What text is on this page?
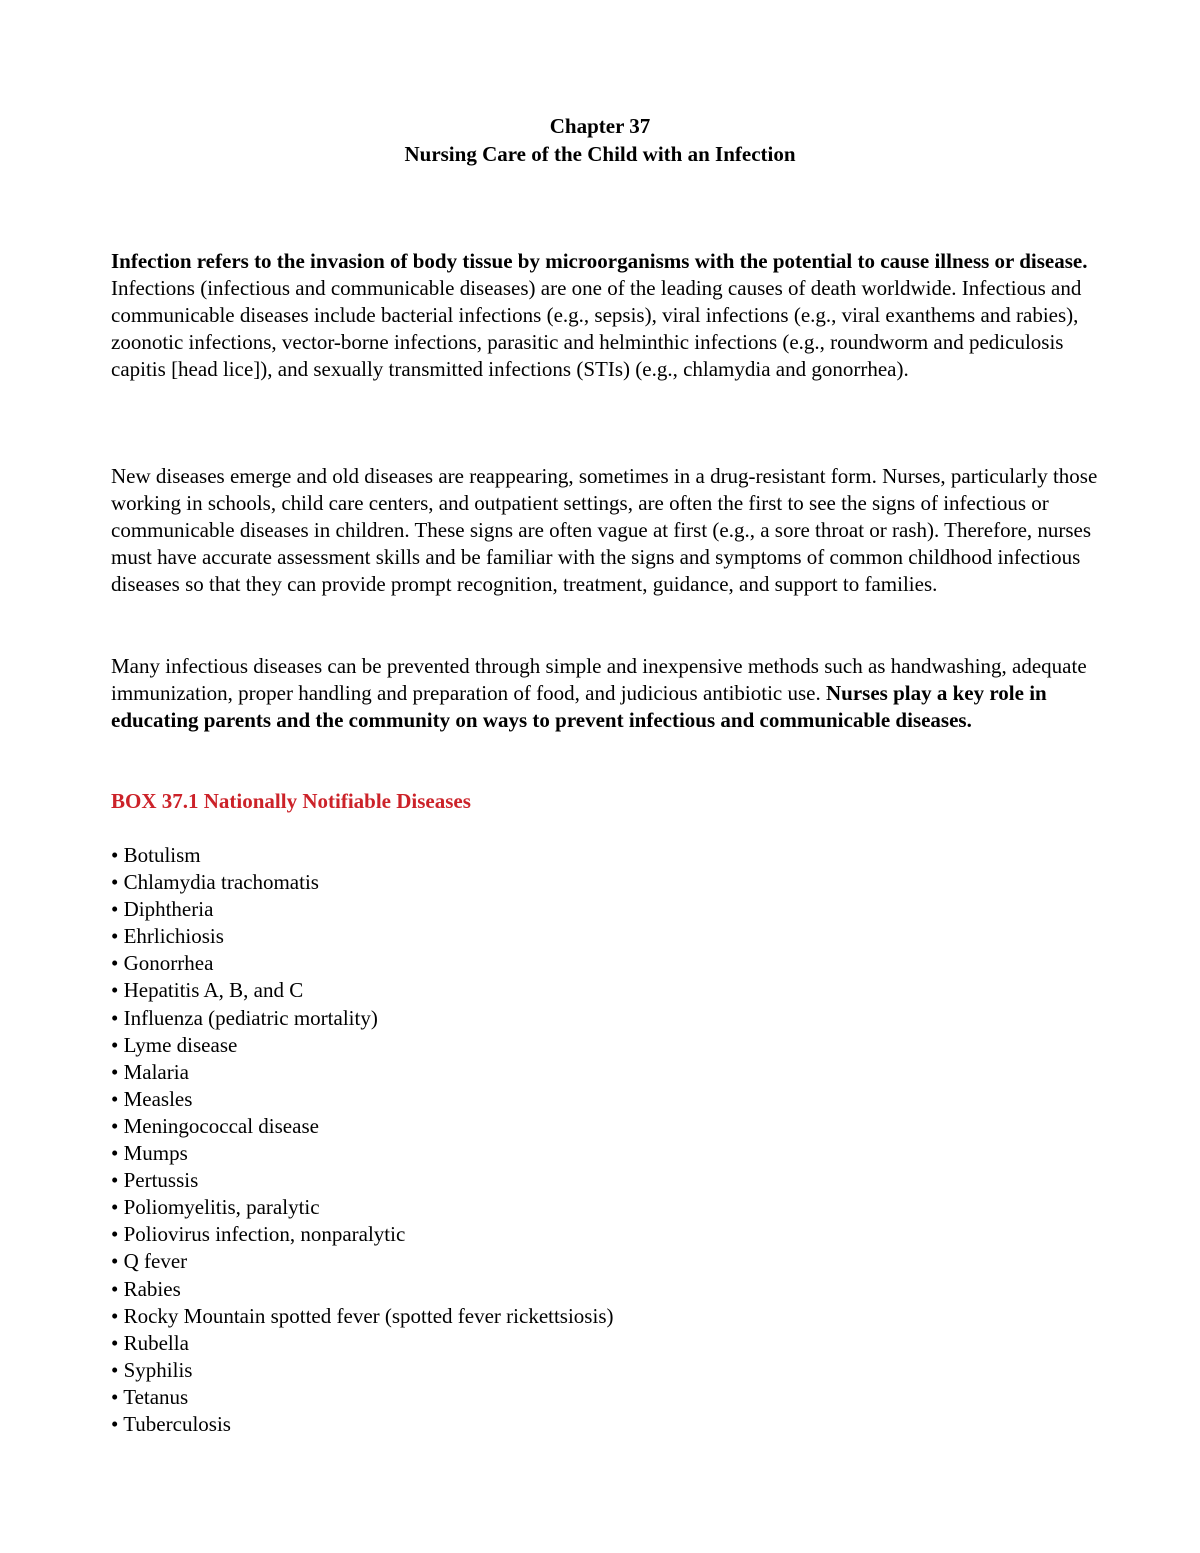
Chapter 37
Nursing Care of the Child with an Infection

Infection refers to the invasion of body tissue by microorganisms with the potential to cause illness or disease.
Infections (infectious and communicable diseases) are one of the leading causes of death worldwide. Infectious and communicable diseases include bacterial infections (e.g., sepsis), viral infections (e.g., viral exanthems and rabies), zoonotic infections, vector-borne infections, parasitic and helminthic infections (e.g., roundworm and pediculosis capitis [head lice]), and sexually transmitted infections (STIs) (e.g., chlamydia and gonorrhea).

New diseases emerge and old diseases are reappearing, sometimes in a drug-resistant form. Nurses, particularly those working in schools, child care centers, and outpatient settings, are often the first to see the signs of infectious or communicable diseases in children. These signs are often vague at first (e.g., a sore throat or rash). Therefore, nurses must have accurate assessment skills and be familiar with the signs and symptoms of common childhood infectious diseases so that they can provide prompt recognition, treatment, guidance, and support to families.

Many infectious diseases can be prevented through simple and inexpensive methods such as handwashing, adequate immunization, proper handling and preparation of food, and judicious antibiotic use. Nurses play a key role in educating parents and the community on ways to prevent infectious and communicable diseases.

BOX 37.1 Nationally Notifiable Diseases
• Botulism
• Chlamydia trachomatis
• Diphtheria
• Ehrlichiosis
• Gonorrhea
• Hepatitis A, B, and C
• Influenza (pediatric mortality)
• Lyme disease
• Malaria
• Measles
• Meningococcal disease
• Mumps
• Pertussis
• Poliomyelitis, paralytic
• Poliovirus infection, nonparalytic
• Q fever
• Rabies
• Rocky Mountain spotted fever (spotted fever rickettsiosis)
• Rubella
• Syphilis
• Tetanus
• Tuberculosis
